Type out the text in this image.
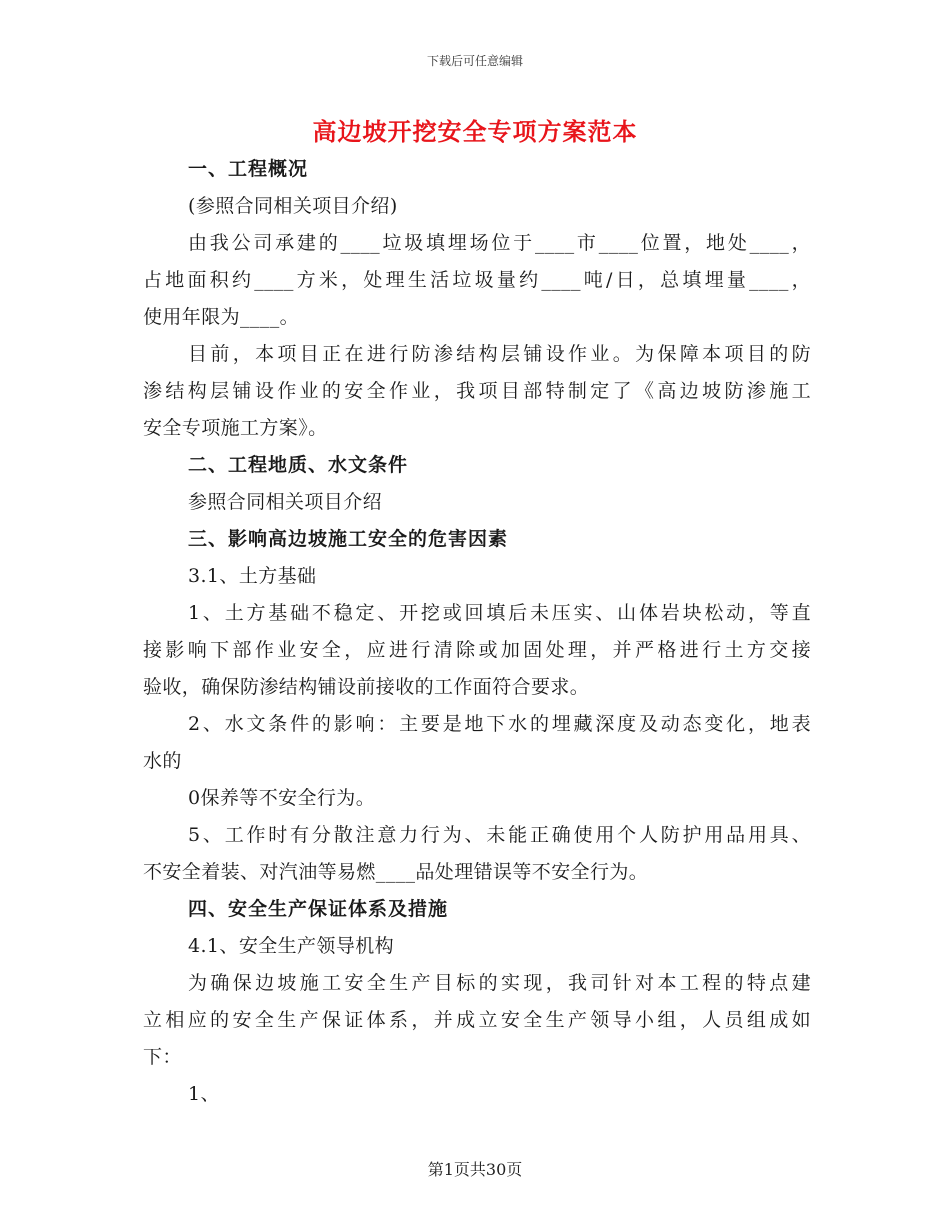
下载后可任意编辑
高边坡开挖安全专项方案范本
一、工程概况
(参照合同相关项目介绍)
由我公司承建的____垃圾填埋场位于____市____位置，地处____，
占地面积约____方米，处理生活垃圾量约____吨/日，总填埋量____，
使用年限为____。
目前，本项目正在进行防渗结构层铺设作业。为保障本项目的防
渗结构层铺设作业的安全作业，我项目部特制定了《高边坡防渗施工
安全专项施工方案》。
二、工程地质、水文条件
参照合同相关项目介绍
三、影响高边坡施工安全的危害因素
3.1、土方基础
1、土方基础不稳定、开挖或回填后未压实、山体岩块松动，等直
接影响下部作业安全，应进行清除或加固处理，并严格进行土方交接
验收，确保防渗结构铺设前接收的工作面符合要求。
2、水文条件的影响：主要是地下水的埋藏深度及动态变化，地表
水的
0保养等不安全行为。
5、工作时有分散注意力行为、未能正确使用个人防护用品用具、
不安全着装、对汽油等易燃____品处理错误等不安全行为。
四、安全生产保证体系及措施
4.1、安全生产领导机构
为确保边坡施工安全生产目标的实现，我司针对本工程的特点建
立相应的安全生产保证体系，并成立安全生产领导小组，人员组成如
下：
1、
第1页共30页
